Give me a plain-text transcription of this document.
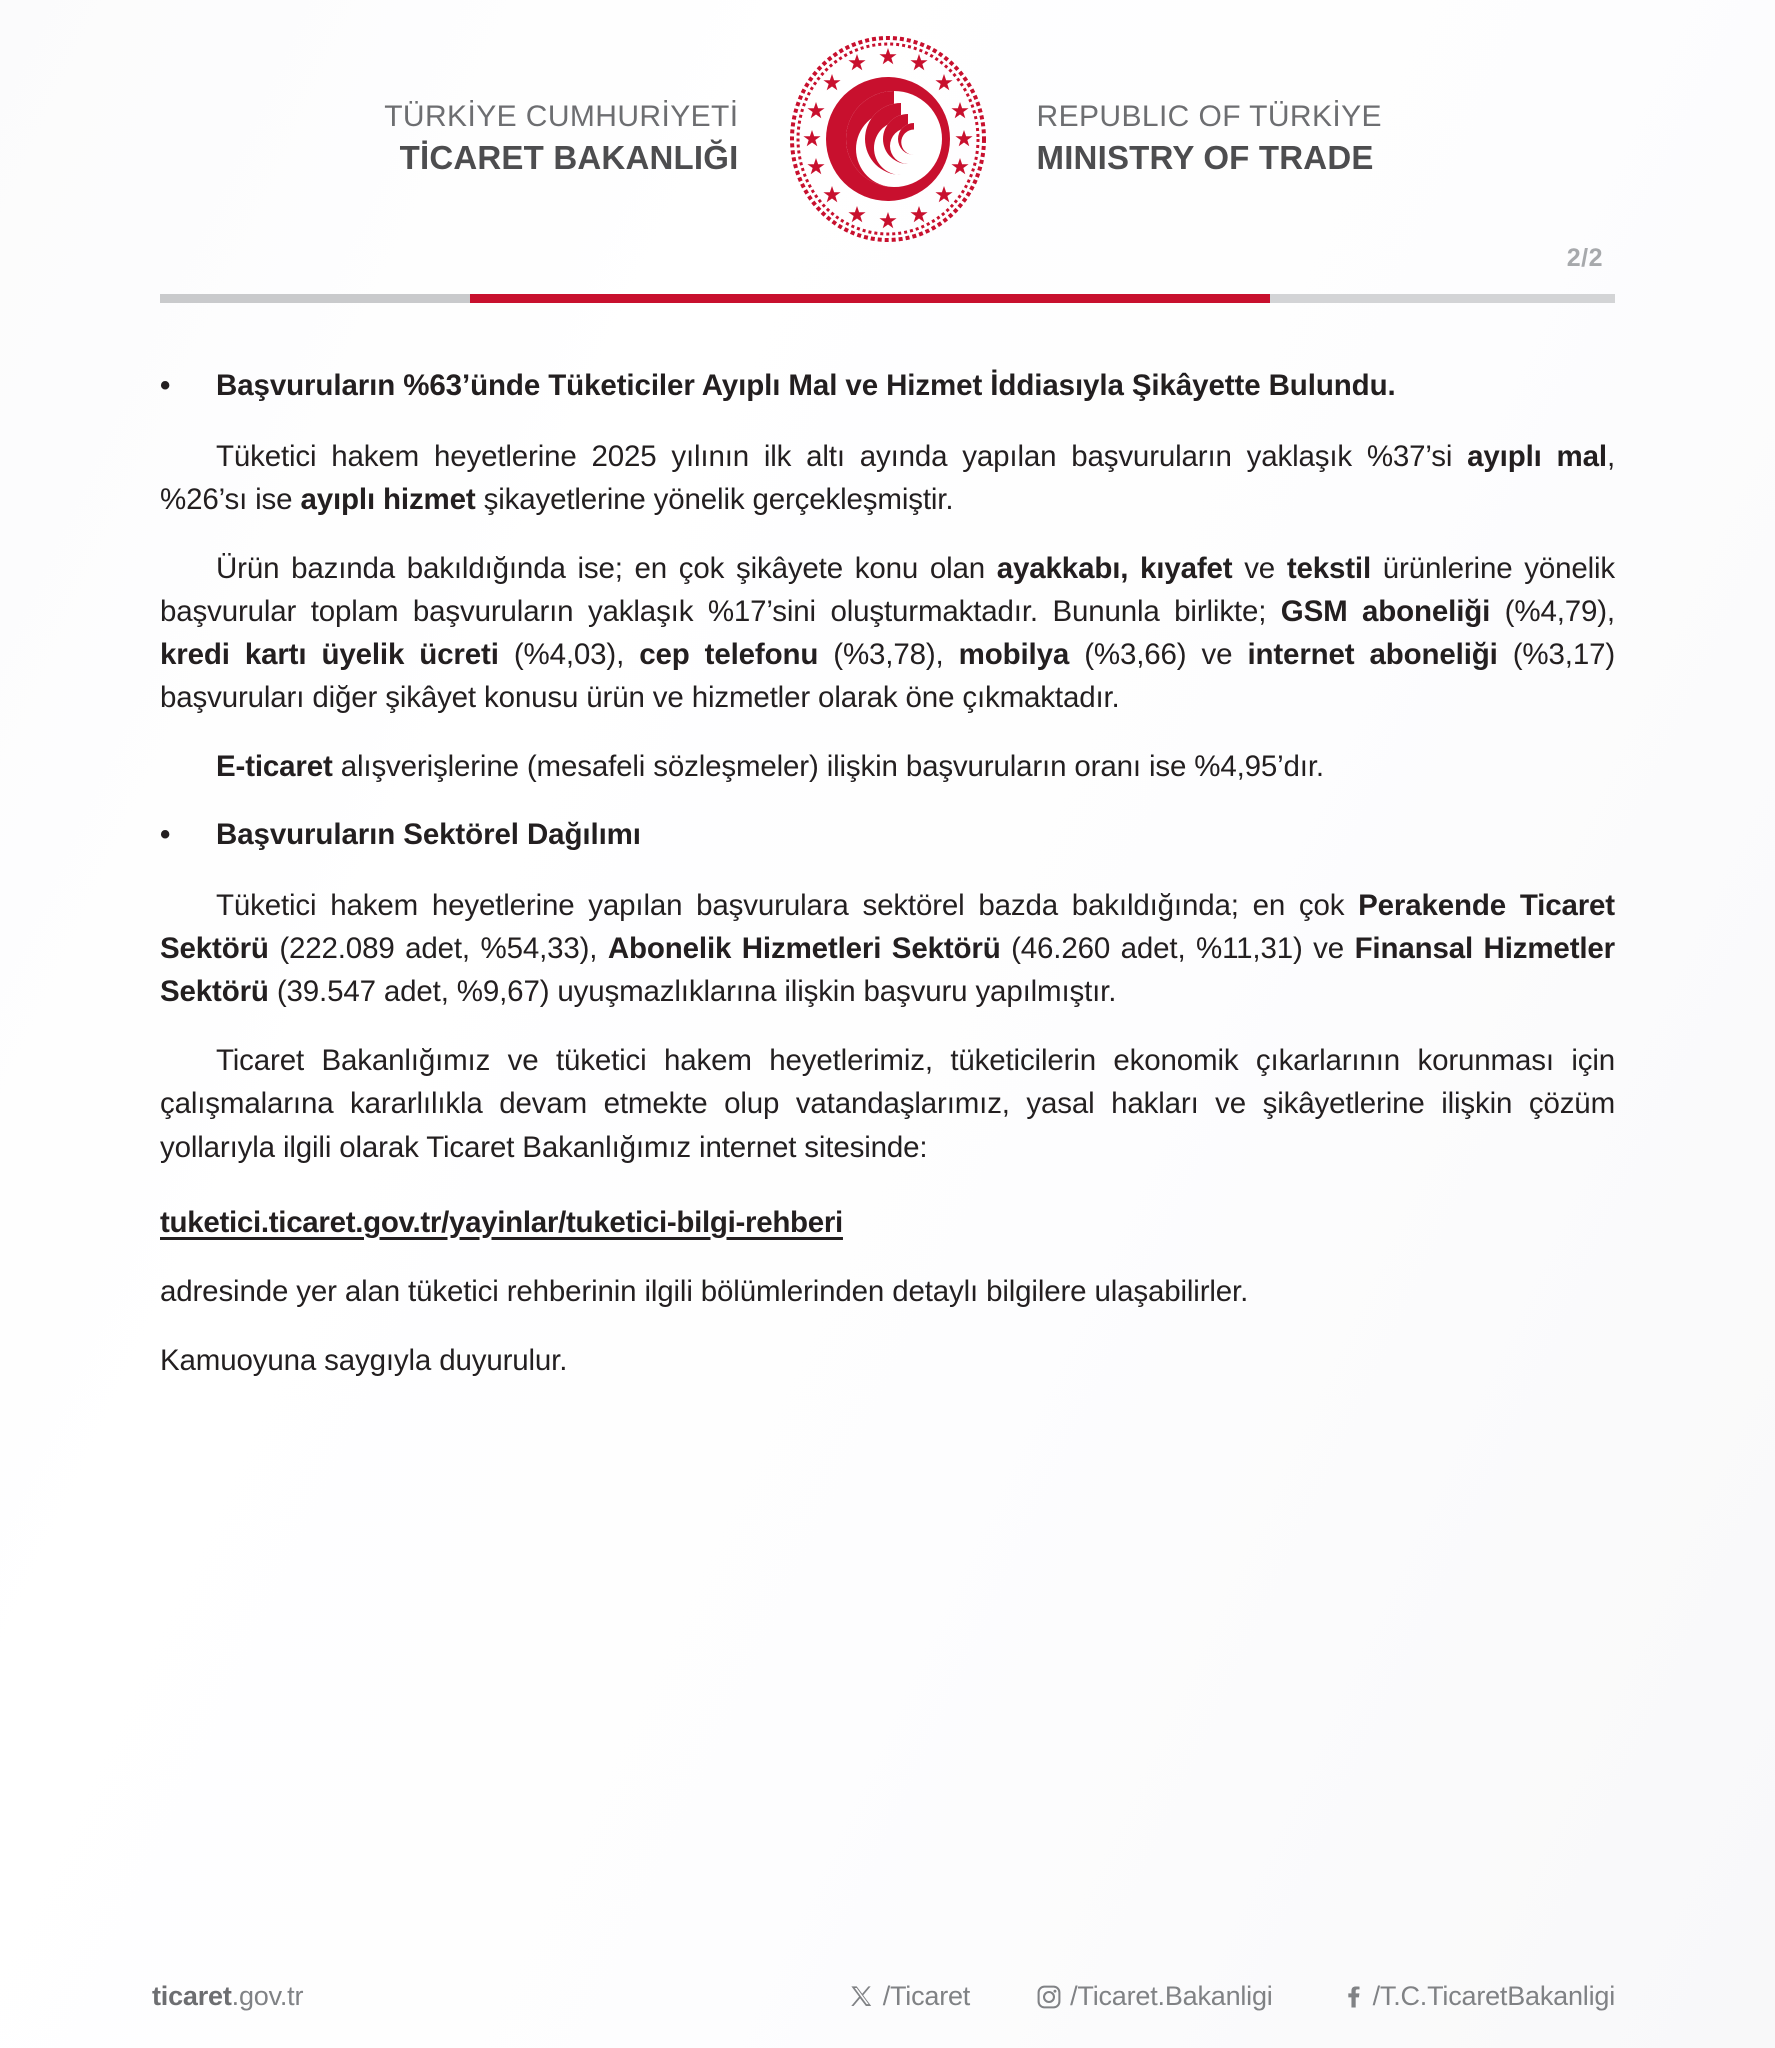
TÜRKİYE CUMHURİYETİ
TİCARET BAKANLIĞI
REPUBLIC OF TÜRKİYE
MINISTRY OF TRADE
2/2
•	Başvuruların %63’ünde Tüketiciler Ayıplı Mal ve Hizmet İddiasıyla Şikâyette Bulundu.

Tüketici hakem heyetlerine 2025 yılının ilk altı ayında yapılan başvuruların yaklaşık %37’si ayıplı mal, %26’sı ise ayıplı hizmet şikayetlerine yönelik gerçekleşmiştir.

Ürün bazında bakıldığında ise; en çok şikâyete konu olan ayakkabı, kıyafet ve tekstil ürünlerine yönelik başvurular toplam başvuruların yaklaşık %17’sini oluşturmaktadır. Bununla birlikte; GSM aboneliği (%4,79), kredi kartı üyelik ücreti (%4,03), cep telefonu (%3,78), mobilya (%3,66) ve internet aboneliği (%3,17) başvuruları diğer şikâyet konusu ürün ve hizmetler olarak öne çıkmaktadır.

E-ticaret alışverişlerine (mesafeli sözleşmeler) ilişkin başvuruların oranı ise %4,95’dır.

•	Başvuruların Sektörel Dağılımı

Tüketici hakem heyetlerine yapılan başvurulara sektörel bazda bakıldığında; en çok Perakende Ticaret Sektörü (222.089 adet, %54,33), Abonelik Hizmetleri Sektörü (46.260 adet, %11,31) ve Finansal Hizmetler Sektörü (39.547 adet, %9,67) uyuşmazlıklarına ilişkin başvuru yapılmıştır.

Ticaret Bakanlığımız ve tüketici hakem heyetlerimiz, tüketicilerin ekonomik çıkarlarının korunması için çalışmalarına kararlılıkla devam etmekte olup vatandaşlarımız, yasal hakları ve şikâyetlerine ilişkin çözüm yollarıyla ilgili olarak Ticaret Bakanlığımız internet sitesinde:

tuketici.ticaret.gov.tr/yayinlar/tuketici-bilgi-rehberi

adresinde yer alan tüketici rehberinin ilgili bölümlerinden detaylı bilgilere ulaşabilirler.

Kamuoyuna saygıyla duyurulur.

ticaret.gov.tr	/Ticaret	/Ticaret.Bakanligi	/T.C.TicaretBakanligi
